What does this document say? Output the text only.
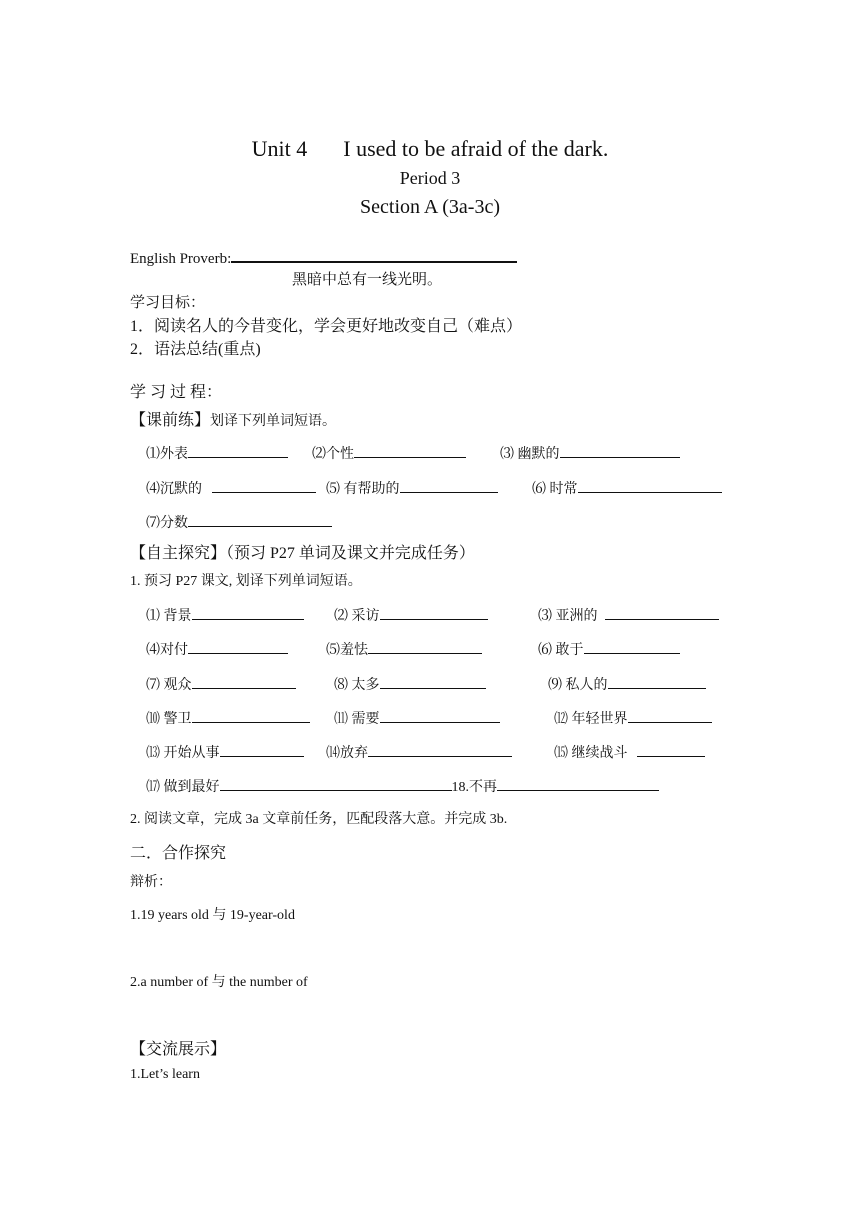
Unit 4 I used to be afraid of the dark.
Period 3
Section A (3a-3c)
English Proverb:
黑暗中总有一线光明。
学习目标：
1．阅读名人的今昔变化，学会更好地改变自己（难点）
2．语法总结(重点)
学 习 过 程：
【课前练】划译下列单词短语。
⑴外表	⑵个性	⑶ 幽默的
⑷沉默的	⑸ 有帮助的	⑹ 时常
⑺分数
【自主探究】（预习 P27 单词及课文并完成任务）
1. 预习 P27 课文, 划译下列单词短语。
⑴ 背景	⑵ 采访	⑶ 亚洲的
⑷对付	⑸羞怯	⑹ 敢于
⑺ 观众	⑻ 太多	⑼ 私人的
⑽ 警卫	⑾ 需要	⑿ 年轻世界
⒀ 开始从事	⒁放弃	⒂ 继续战斗
⒄ 做到最好	18.不再
2. 阅读文章，完成 3a 文章前任务，匹配段落大意。并完成 3b.
二．合作探究
辩析：
1.19 years old 与 19-year-old
2.a number of 与 the number of
【交流展示】
1.Let’s learn
